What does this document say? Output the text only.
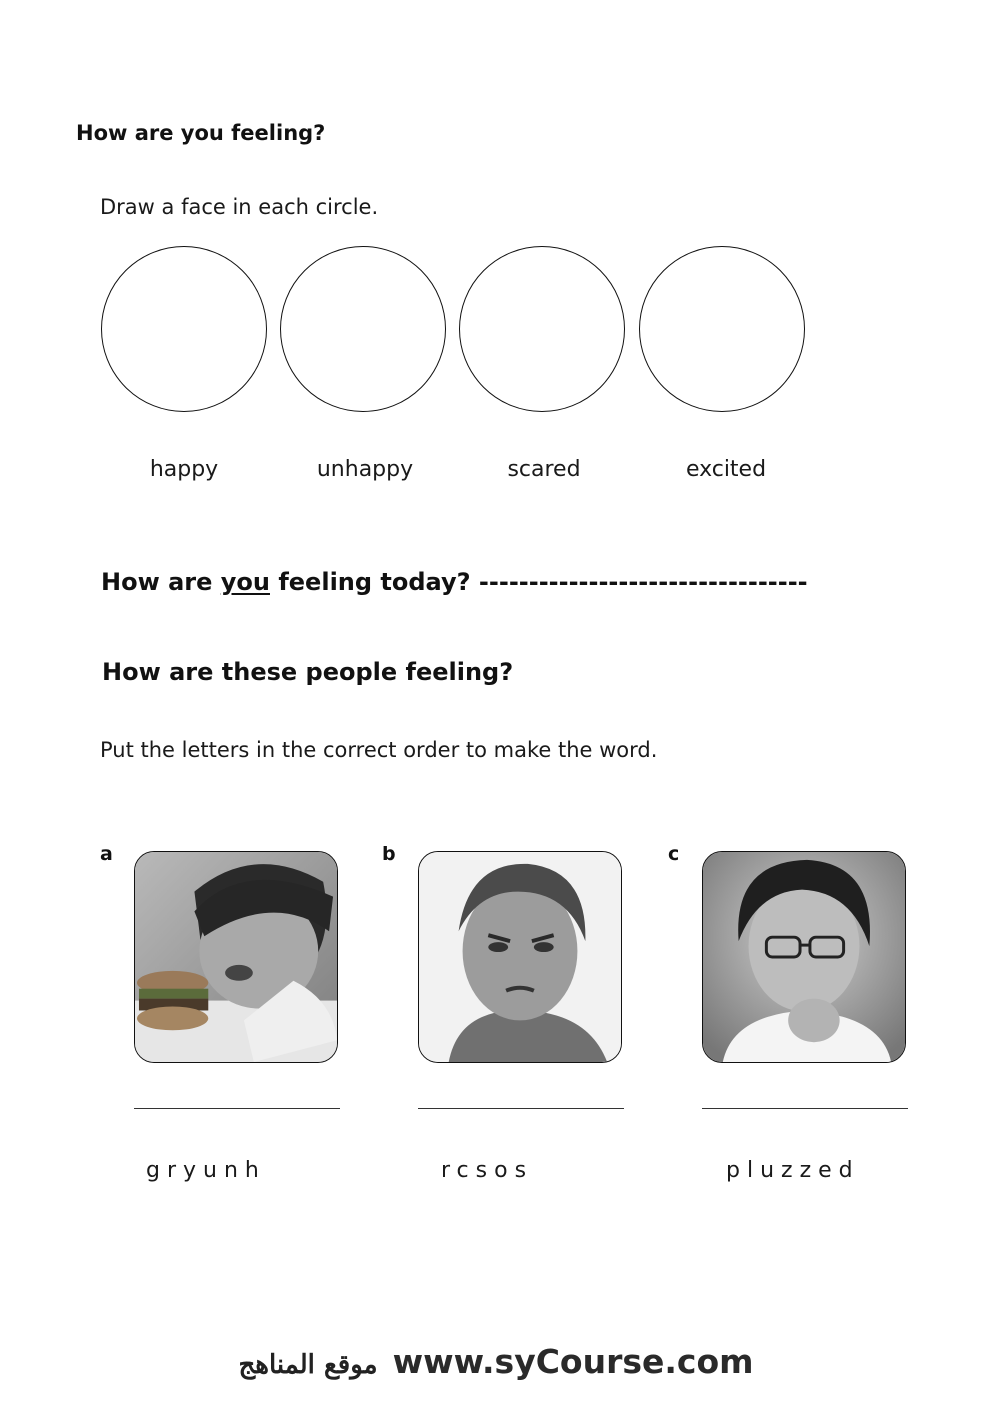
How are you feeling?
Draw a face in each circle.
happy	unhappy	scared	excited
How are you feeling today? ---------------------------------
How are these people feeling?
Put the letters in the correct order to make the word.
a	b	c
gryunh	rcsos	pluzzed
موقع المناهج www.syCourse.com
